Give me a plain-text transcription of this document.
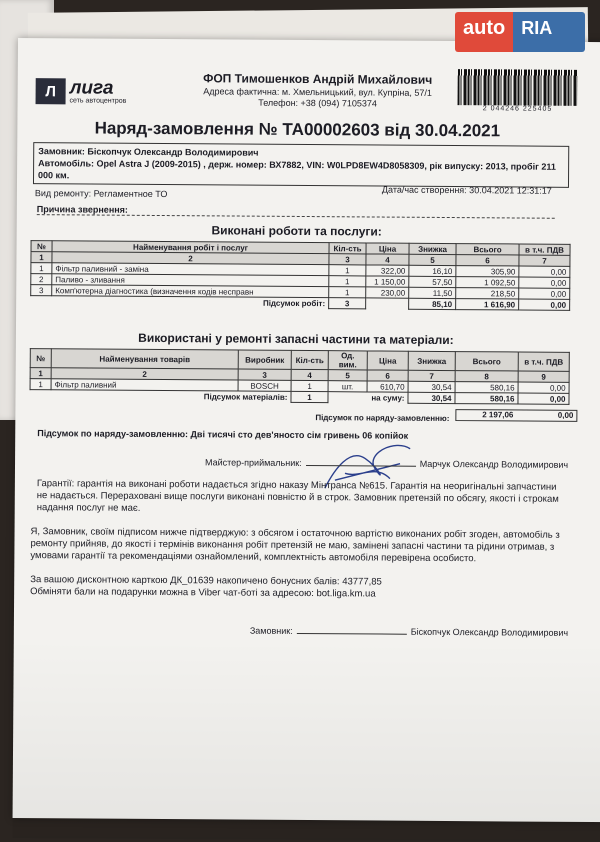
auto RIA
Л лига
сеть автоцентров
ФОП Тимошенков Андрій Михайлович
Адреса фактична: м. Хмельницький, вул. Купріна, 57/1
Телефон: +38 (094) 7105374
2 044246 225405
Наряд-замовлення № ТА00002603 від 30.04.2021
Замовник: Біскопчук Олександр Володимирович
Автомобіль: Opel Astra J (2009-2015) , держ. номер: ВХ7882, VIN: W0LPD8EW4D8058309, рік випуску: 2013, пробіг 211 000 км.
Вид ремонту: Регламентное ТО	Дата/час створення: 30.04.2021 12:31:17
Причина звернення:
Виконані роботи та послуги:
№	Найменування робіт і послуг	Кіл-сть	Ціна	Знижка	Всього	в т.ч. ПДВ
1	2	3	4	5	6	7
1	Фільтр паливний - заміна	1	322,00	16,10	305,90	0,00
2	Паливо - зливання	1	1 150,00	57,50	1 092,50	0,00
3	Комп'ютерна діагностика (визначення кодів несправн	1	230,00	11,50	218,50	0,00
	Підсумок робіт:	3		85,10	1 616,90	0,00
Використані у ремонті запасні частини та матеріали:
№	Найменування товарів	Виробник	Кіл-сть	Од. вим.	Ціна	Знижка	Всього	в т.ч. ПДВ
1	2	3	4	5	6	7	8	9
1	Фільтр паливний	BOSCH	1	шт.	610,70	30,54	580,16	0,00
	Підсумок матеріалів:		1		на суму:	30,54	580,16	0,00
Підсумок по наряду-замовленню:	2 197,06	0,00
Підсумок по наряду-замовленню: Дві тисячі сто дев'яносто сім гривень 06 копійок
Майстер-приймальник:	Марчук Олександр Володимирович
Гарантії: гарантія на виконані роботи надається згідно наказу Мінтранса №615. Гарантія на неоригінальні запчастини не надається. Перераховані вище послуги виконані повністю й в строк. Замовник претензій по обсягу, якості і строкам надання послуг не має.
Я, Замовник, своїм підписом нижче підтверджую: з обсягом і остаточною вартістю виконаних робіт згоден, автомобіль з ремонту прийняв, до якості і термінів виконання робіт претензій не маю, замінені запасні частини та рідини отримав, з умовами гарантії та рекомендаціями ознайомлений, комплектність автомобіля перевірена особисто.
За вашою дисконтною карткою ДК_01639 накопичено бонусних балів: 43777,85
Обміняти бали на подарунки можна в Viber чат-боті за адресою: bot.liga.km.ua
Замовник:	Біскопчук Олександр Володимирович
